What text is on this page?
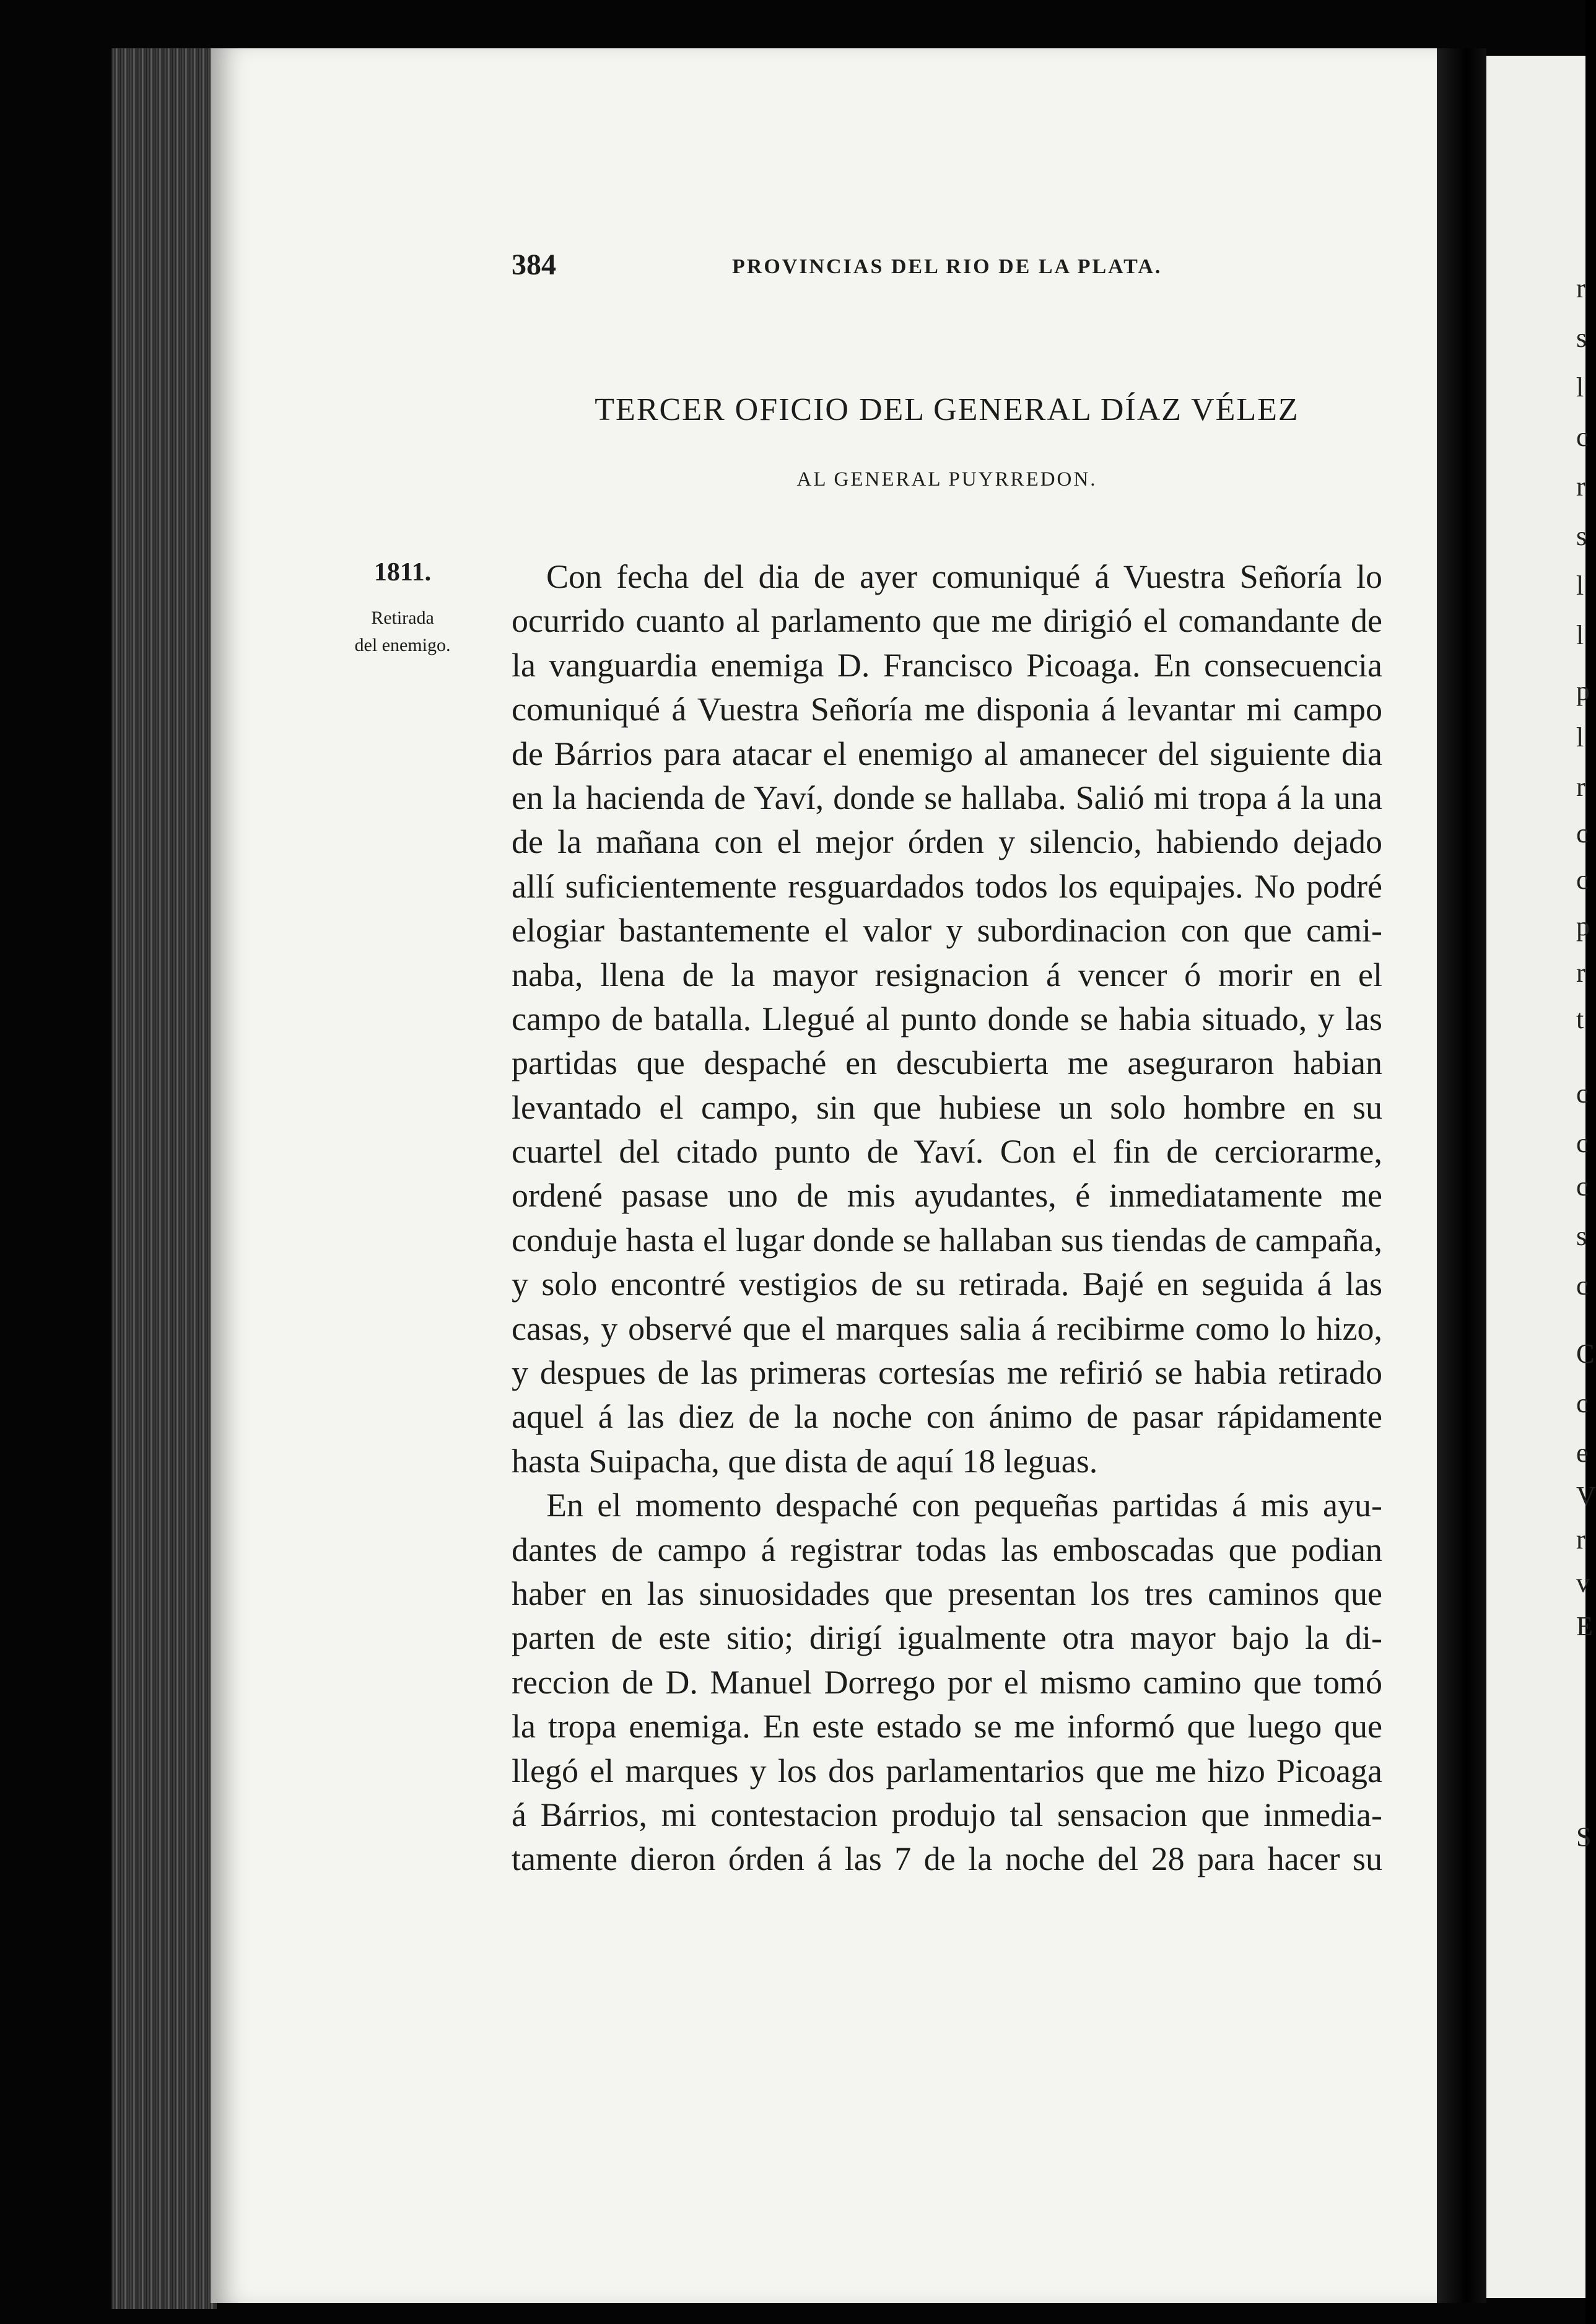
384	PROVINCIAS DEL RIO DE LA PLATA.
TERCER OFICIO DEL GENERAL DÍAZ VÉLEZ
AL GENERAL PUYRREDON.
1811.
Retirada
del enemigo.
Con fecha del dia de ayer comuniqué á Vuestra Señoría lo
ocurrido cuanto al parlamento que me dirigió el comandante de
la vanguardia enemiga D. Francisco Picoaga. En consecuencia
comuniqué á Vuestra Señoría me disponia á levantar mi campo
de Bárrios para atacar el enemigo al amanecer del siguiente dia
en la hacienda de Yaví, donde se hallaba. Salió mi tropa á la una
de la mañana con el mejor órden y silencio, habiendo dejado
allí suficientemente resguardados todos los equipajes. No podré
elogiar bastantemente el valor y subordinacion con que cami-
naba, llena de la mayor resignacion á vencer ó morir en el
campo de batalla. Llegué al punto donde se habia situado, y las
partidas que despaché en descubierta me aseguraron habian
levantado el campo, sin que hubiese un solo hombre en su
cuartel del citado punto de Yaví. Con el fin de cerciorarme,
ordené pasase uno de mis ayudantes, é inmediatamente me
conduje hasta el lugar donde se hallaban sus tiendas de campaña,
y solo encontré vestigios de su retirada. Bajé en seguida á las
casas, y observé que el marques salia á recibirme como lo hizo,
y despues de las primeras cortesías me refirió se habia retirado
aquel á las diez de la noche con ánimo de pasar rápidamente
hasta Suipacha, que dista de aquí 18 leguas.
En el momento despaché con pequeñas partidas á mis ayu-
dantes de campo á registrar todas las emboscadas que podian
haber en las sinuosidades que presentan los tres caminos que
parten de este sitio; dirigí igualmente otra mayor bajo la di-
reccion de D. Manuel Dorrego por el mismo camino que tomó
la tropa enemiga. En este estado se me informó que luego que
llegó el marques y los dos parlamentarios que me hizo Picoaga
á Bárrios, mi contestacion produjo tal sensacion que inmedia-
tamente dieron órden á las 7 de la noche del 28 para hacer su
r
s
l
c
r
s
l
l
p
l
r
c
c
p
r
t
c
c
c
s
c
C
c
e
V
r
v
E
S
